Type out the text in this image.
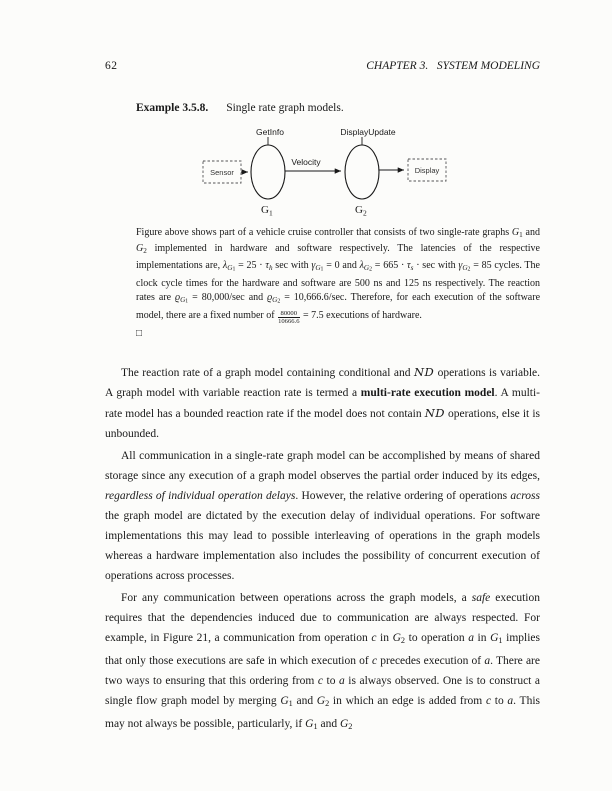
62	CHAPTER 3.   SYSTEM MODELING
Example 3.5.8. Single rate graph models.
GetInfo	DisplayUpdate
Sensor	Display
Velocity
$G_1$	$G_2$

Figure above shows part of a vehicle cruise controller that consists of two single-rate graphs G1 and G2 implemented in hardware and software respectively. The latencies of the respective implementations are, $\lambda G_1 = 25 \cdot \tau h$ sec with $\gamma G_1 = 0$ and $\lambda G_2 = 665 \cdot \tau s \cdot \sec$ with $\gamma G_2 = 85$ cycles. The clock cycle times for the hardware and software are 500 ns and 125 ns respectively. The reaction rates are $ϱG_1 = 80,000/\sec$ and $ϱG_2 = 10,666.6/\sec$. Therefore, for each execution of the software model, there are a fixed number of $\frac{80000}{10666.6} = 7.5$ executions of hardware.

□

The reaction rate of a graph model containing conditional and ND operations is variable. A graph model with variable reaction rate is termed a multi-rate execution model. A multi-rate model has a bounded reaction rate if the model does not contain ND operations, else it is unbounded.

All communication in a single-rate graph model can be accomplished by means of shared storage since any execution of a graph model observes the partial order induced by its edges, regardless of individual operation delays. However, the relative ordering of operations across the graph model are dictated by the execution delay of individual operations. For software implementations this may lead to possible interleaving of operations in the graph models whereas a hardware implementation also includes the possibility of concurrent execution of operations across processes.

For any communication between operations across the graph models, a safe execution requires that the dependencies induced due to communication are always respected. For example, in Figure 21, a communication from operation c in G2 to operation a in G1 implies that only those executions are safe in which execution of c precedes execution of a. There are two ways to ensuring that this ordering from c to a is always observed. One is to construct a single flow graph model by merging G1 and G2 in which an edge is added from c to a. This may not always be possible, particularly, if G1 and G2
